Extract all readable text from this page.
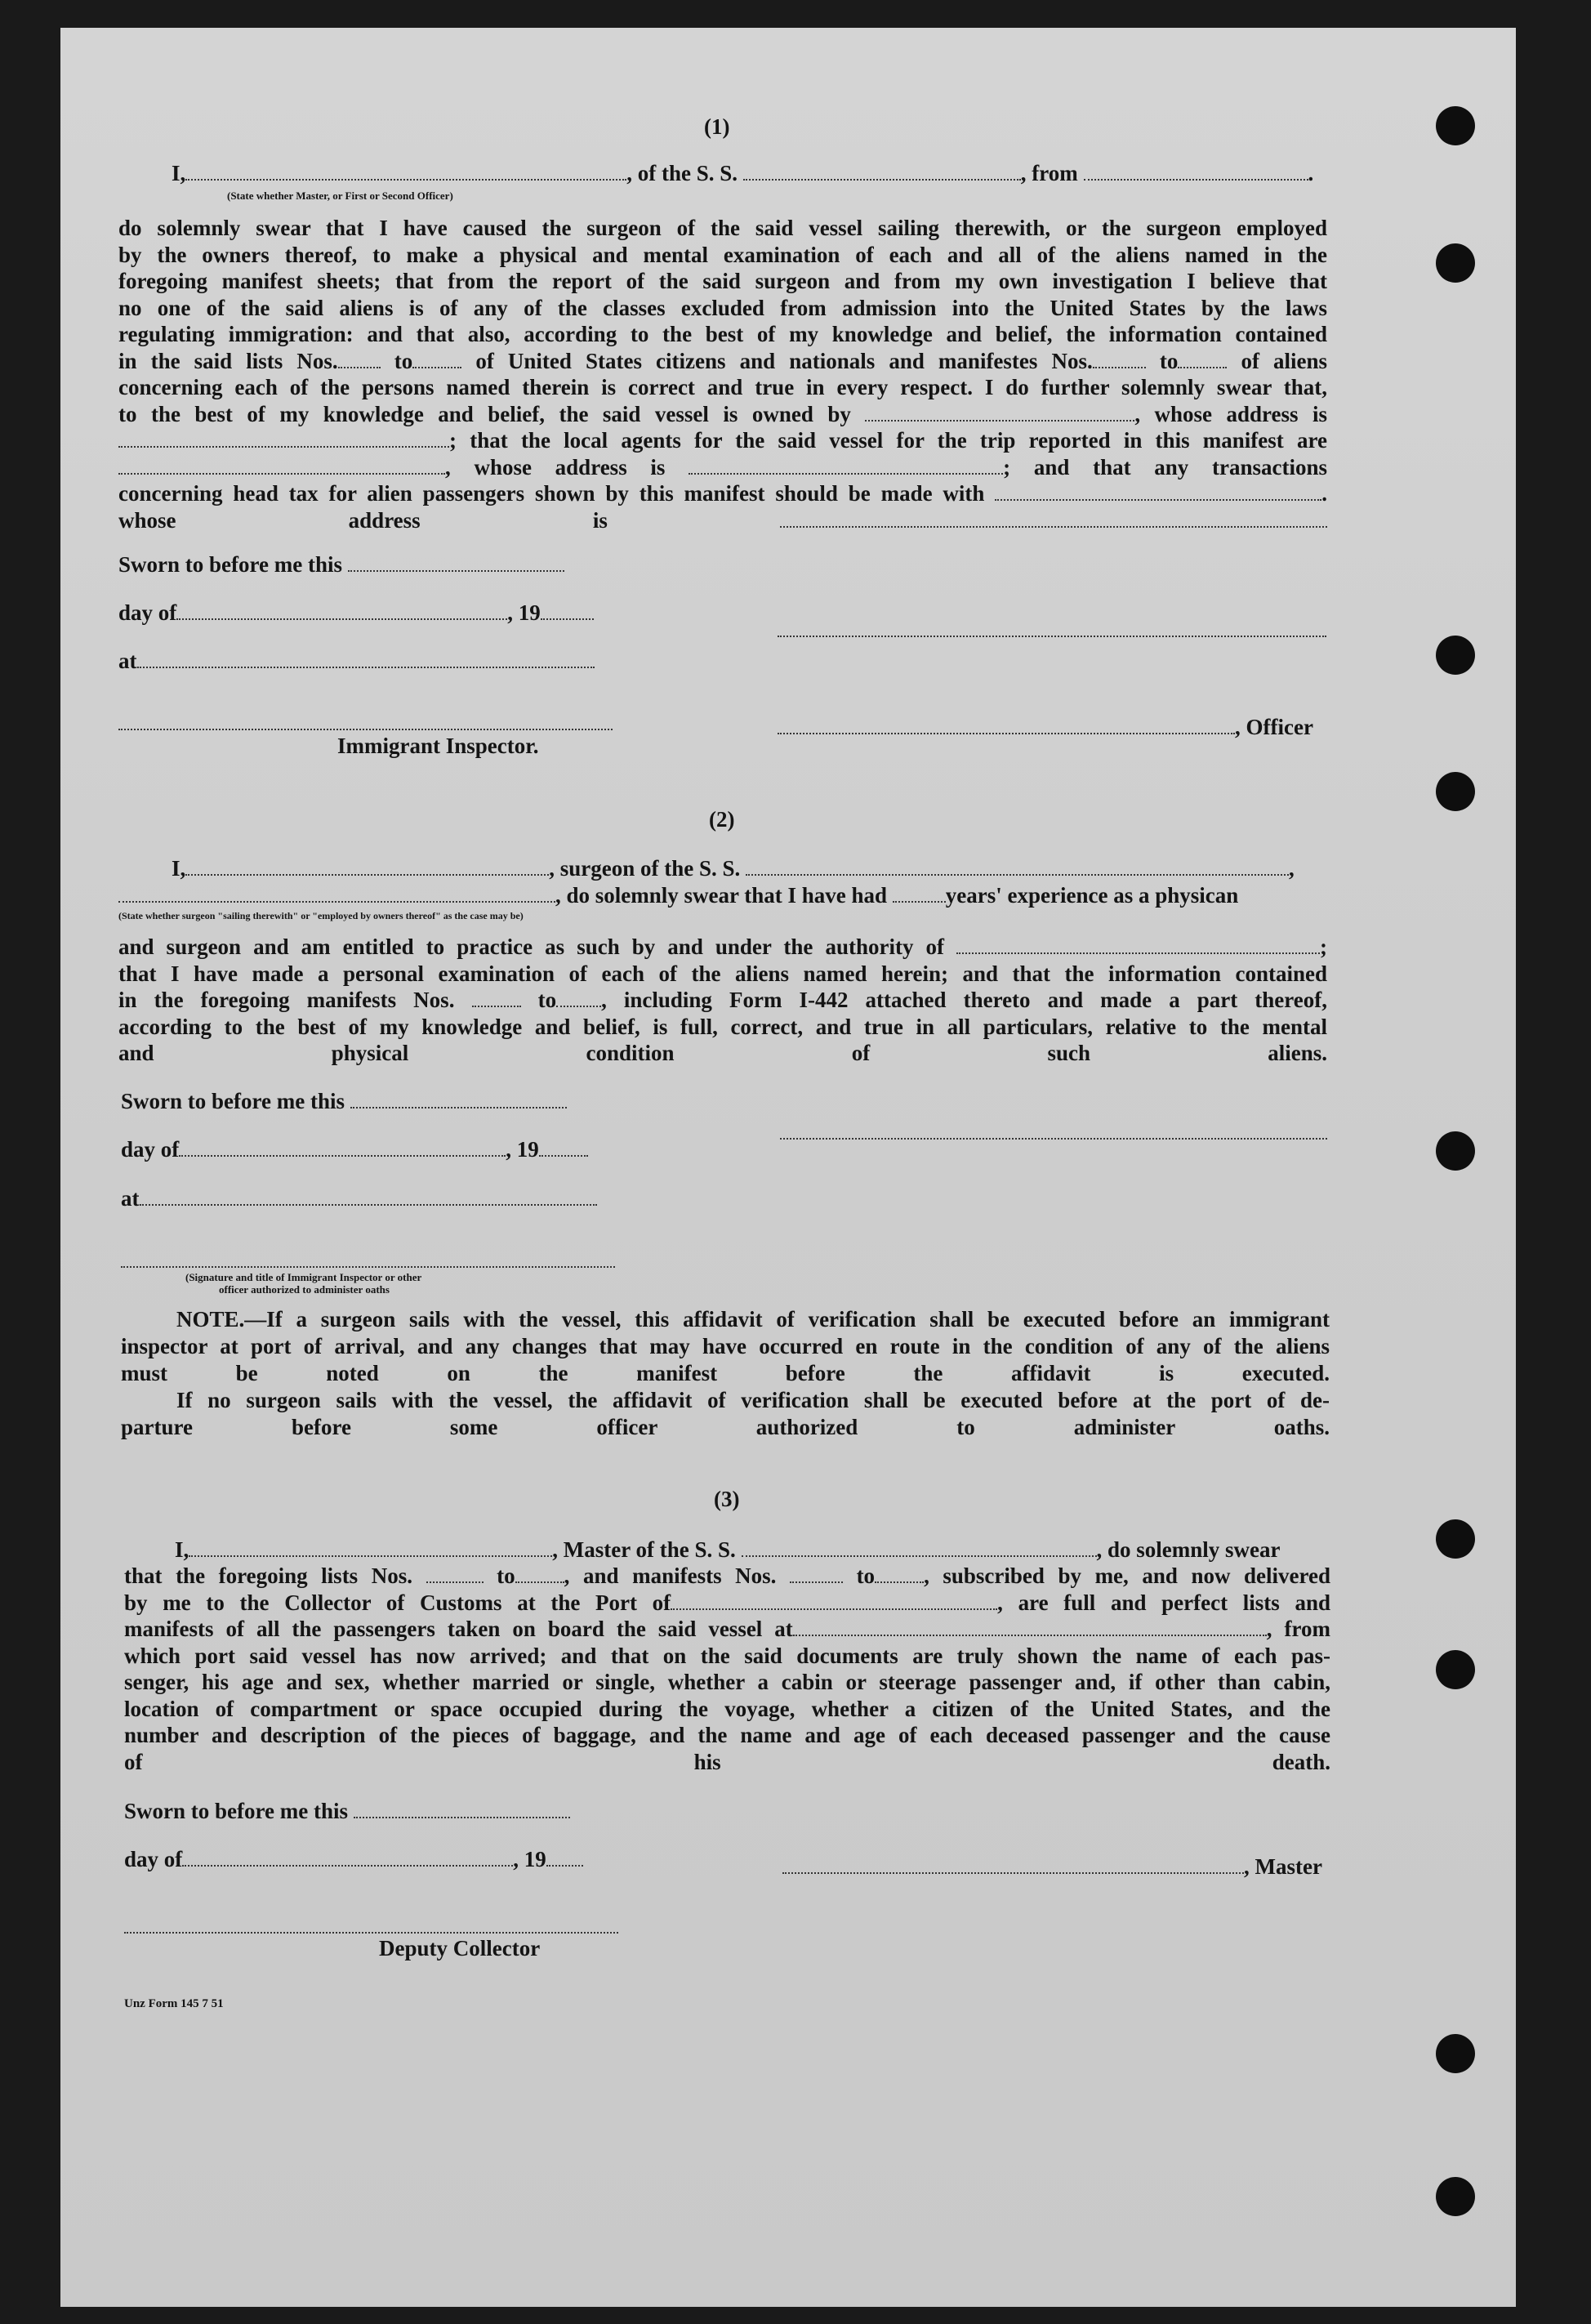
(1)
I,	, of the S. S.	, from	.
(State whether Master, or First or Second Officer)
do solemnly swear that I have caused the surgeon of the said vessel sailing therewith, or the surgeon employed
by the owners thereof, to make a physical and mental examination of each and all of the aliens named in the
foregoing manifest sheets; that from the report of the said surgeon and from my own investigation I believe that
no one of the said aliens is of any of the classes excluded from admission into the United States by the laws
regulating immigration: and that also, according to the best of my knowledge and belief, the information contained
in the said lists Nos.	to	of United States citizens and nationals and manifestes Nos.	to	of aliens
concerning each of the persons named therein is correct and true in every respect. I do further solemnly swear that,
to the best of my knowledge and belief, the said vessel is owned by	, whose address is
; that the local agents for the said vessel for the trip reported in this manifest are
, whose address is	; and that any transactions
concerning head tax for alien passengers shown by this manifest should be made with	.
whose address is
Sworn to before me this
day of	, 19
at
Immigrant Inspector.
, Officer
(2)
I,	, surgeon of the S. S.	,
, do solemnly swear that I have had	years' experience as a physican
(State whether surgeon "sailing therewith" or "employed by owners thereof" as the case may be)
and surgeon and am entitled to practice as such by and under the authority of	;
that I have made a personal examination of each of the aliens named herein; and that the information contained
in the foregoing manifests Nos.	to , including Form I-442 attached thereto and made a part thereof,
according to the best of my knowledge and belief, is full, correct, and true in all particulars, relative to the mental
and physical condition of such aliens.
Sworn to before me this
day of	, 19
at
(Signature and title of Immigrant Inspector or other
officer authorized to administer oaths
NOTE.—If a surgeon sails with the vessel, this affidavit of verification shall be executed before an immigrant
inspector at port of arrival, and any changes that may have occurred en route in the condition of any of the aliens
must be noted on the manifest before the affidavit is executed.
If no surgeon sails with the vessel, the affidavit of verification shall be executed before at the port of de-
parture before some officer authorized to administer oaths.
(3)
I,	, Master of the S. S.	, do solemnly swear
that the foregoing lists Nos.	to , and manifests Nos.	to , subscribed by me, and now delivered
by me to the Collector of Customs at the Port of	, are full and perfect lists and
manifests of all the passengers taken on board the said vessel at	, from
which port said vessel has now arrived; and that on the said documents are truly shown the name of each pas-
senger, his age and sex, whether married or single, whether a cabin or steerage passenger and, if other than cabin,
location of compartment or space occupied during the voyage, whether a citizen of the United States, and the
number and description of the pieces of baggage, and the name and age of each deceased passenger and the cause
of his death.
Sworn to before me this
day of	, 19	, Master
Deputy Collector
Unz Form 145 7 51
